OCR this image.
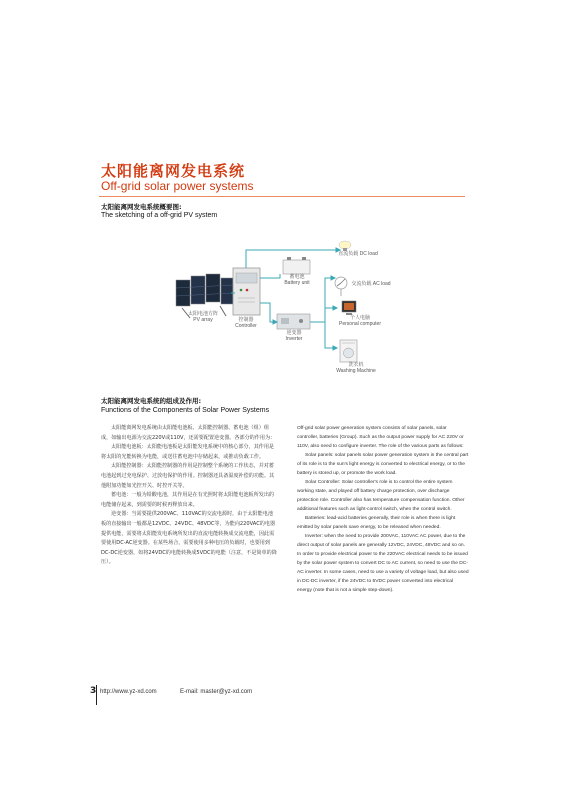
太阳能离网发电系统
Off-grid solar power systems
太阳能离网发电系统概要图:
The sketching of a off-grid PV system
太阳电池方阵
PV array	控制器
Controller
蓄电池
Battery unit
逆变器
Inverter
直流负载 DC load
交流负载 AC load
个人电脑
Personal computer
洗衣机
Washing Machine
太阳能离网发电系统的组成及作用:
Functions of the Components of Solar Power Systems

太阳能离网发电系统由太阳能电池板、太阳能控制器、蓄电池（组）组成，如输出电源为交流220V或110V，还需要配置逆变器。各部分的作用为：

太阳能电池板：太阳能电池板是太阳能发电系统中的核心部分，其作用是将太阳的光能转换为电能，或送往蓄电池中存储起来，或推动负载工作。

太阳能控制器：太阳能控制器的作用是控制整个系统的工作状态，并对蓄电池起到过充电保护、过放电保护的作用。控制器还具备温度补偿的功能。其他附加功能如光控开关、时控开关等。

蓄电池：一般为铅酸电池，其作用是在有光照时将太阳能电池板所发出的电能储存起来，到需要的时候再释放出来。

逆变器：当需要提供200VAC、110VAC的交流电源时，由于太阳能电池板的直接输出一般都是12VDC、24VDC、48VDC等，为能向220VAC的电器提供电能，需要将太阳能发电系统所发出的直流电能转换成交流电能，因此需要使用DC-AC逆变器。在某些场合，需要使用多种电压的负载时，也要用到DC-DC逆变器，如将24VDC的电能转换成5VDC的电能（注意，不是简单的降压）。

Off-grid solar power generation system consists of solar panels, solar controller, batteries (Group). Such as the output power supply for AC 220V or 110V, also need to configure inverter. The role of the various parts as follows:

Solar panels: solar panels solar power generation system in the central part of its role is to the sun's light energy is converted to electrical energy, or to the battery is stored up, or promote the work load.

Solar Controller: Solar controller's role is to control the entire system working state, and played off battery charge protection, over discharge protection role. Controller also has temperature compensation function. Other additional features such as light-control switch, when the control switch.

Batteries: lead-acid batteries generally, their role is when there is light emitted by solar panels save energy, to be released when needed.

Inverter: when the need to provide 200VAC, 110VAC AC power, due to the direct output of solar panels are generally 12VDC, 24VDC, 48VDC and so on. In order to provide electrical power to the 220VAC electrical needs to be issued by the solar power system to convert DC to AC current, so need to use the DC-AC inverter. In some cases, need to use a variety of voltage load, but also used in DC-DC inverter, if the 24VDC to 5VDC power converted into electrical energy (note that is not a simple step-down).

3 http://www.yz-xd.com	E-mail: master@yz-xd.com
